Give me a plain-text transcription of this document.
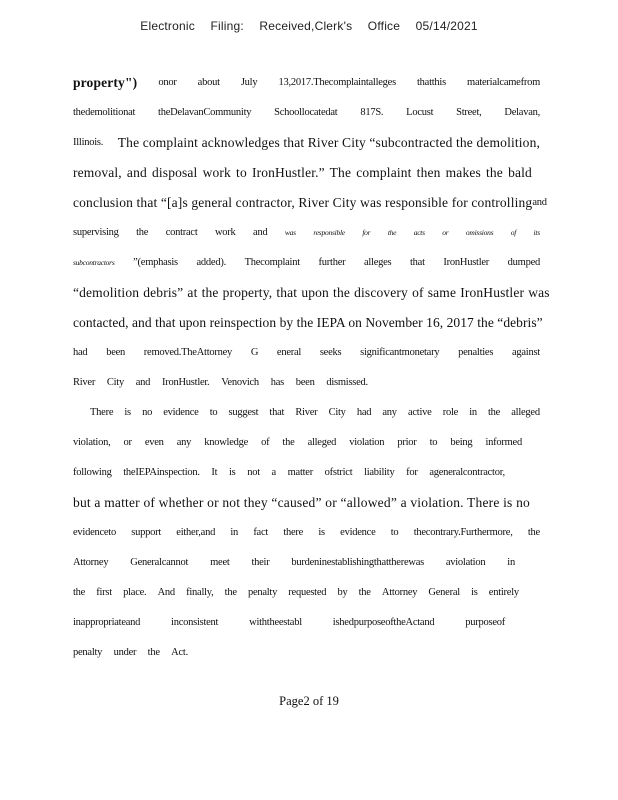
Electronic Filing: Received,Clerk's Office 05/14/2021
property") onor about July 13,2017.Thecomplaintalleges thatthis materialcamefrom
thedemolitionat theDelavanCommunity Schoollocatedat 817S. Locust Street, Delavan,
Illinois. The complaint acknowledges that River City “subcontracted the demolition,
removal, and disposal work to IronHustler.” The complaint then makes the bald
conclusion that “[a]s general contractor, River City was responsible for controlling and
supervising the contract work and was responsible for the acts or omissions of its
subcontractors ”(emphasis added). Thecomplaint further alleges that IronHustler dumped
“demolition debris” at the property, that upon the discovery of same IronHustler was
contacted, and that upon reinspection by the IEPA on November 16, 2017 the “debris”
had been removed.TheAttorney G eneral seeks significantmonetary penalties against
River City and IronHustler. Venovich has been dismissed.
There is no evidence to suggest that River City had any active role in the alleged
violation, or even any knowledge of the alleged violation prior to being informed
following theIEPAinspection. It is not a matter ofstrict liability for ageneralcontractor,
but a matter of whether or not they “caused” or “allowed” a violation. There is no
evidenceto support either,and in fact there is evidence to thecontrary.Furthermore, the
Attorney Generalcannot meet their burdeninestablishingthattherewas aviolation in
the first place. And finally, the penalty requested by the Attorney General is entirely
inappropriateand	inconsistent	withtheestabl	ishedpurposeoftheActand	purposeof
penalty under the Act.
Page2 of 19
